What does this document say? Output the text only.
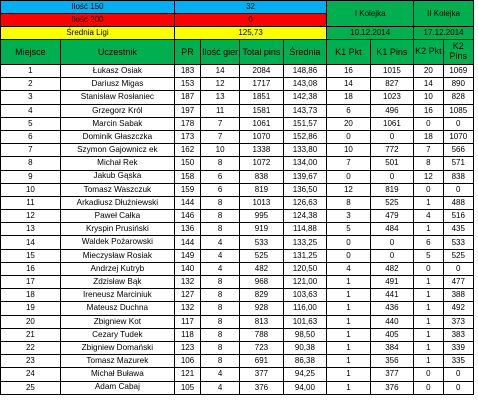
Ilość 150		32				I Kolejka		II Kolejka	
Ilość 200		0							
Średnia Ligi		125,73				10.12.2014		17.12.2014	
Miejsce	Uczestnik	PR	Ilość gier	Total pins	Średnia	K1 Pkt	K1 Pins	K2 Pkt	K2 Pins
1	Łukasz Osiak	183	14	2084	148,86	16	1015	20	1069
2	Dariusz Migas	153	12	1717	143,08	14	827	14	890
3	Stanisław Rosłaniec	187	13	1851	142,38	18	1023	10	828
4	Grzegorz Król	197	11	1581	143,73	6	496	16	1085
5	Marcin Sabak	178	7	1061	151,57	20	1061	0	0
6	Dominik Głaszczka	173	7	1070	152,86	0	0	18	1070
7	Szymon Gajownicz ek	162	10	1338	133,80	10	772	7	566
8	Michał Rek	150	8	1072	134,00	7	501	8	571
9	Jakub Gąska	158	6	838	139,67	0	0	12	838
10	Tomasz Waszczuk	159	6	819	136,50	12	819	0	0
11	Arkadiusz Dłużniewski	144	8	1013	126,63	8	525	1	488
12	Paweł Całka	146	8	995	124,38	3	479	4	516
13	Kryspin Prusiński	136	8	919	114,88	5	484	1	435
14	Waldek Pożarowski	144	4	533	133,25	0	0	6	533
15	Mieczysław Rosiak	149	4	525	131,25	0	0	5	525
16	Andrzej Kutryb	140	4	482	120,50	4	482	0	0
17	Zdzisław Bąk	132	8	968	121,00	1	491	1	477
18	Ireneusz Marciniuk	127	8	829	103,63	1	441	1	388
19	Mateusz Duchna	132	8	928	116,00	1	436	1	492
20	Zbigniew Kot	117	8	813	101,63	1	440	1	373
21	Cezary Tudek	118	8	788	98,50	1	405	1	383
22	Zbigniew Domański	123	8	723	90,38	1	384	1	339
23	Tomasz Mazurek	106	8	691	86,38	1	356	1	335
24	Michał Buława	121	4	377	94,25	1	377	0	0
25	Adam Cabaj	105	4	376	94,00	1	376	0	0
